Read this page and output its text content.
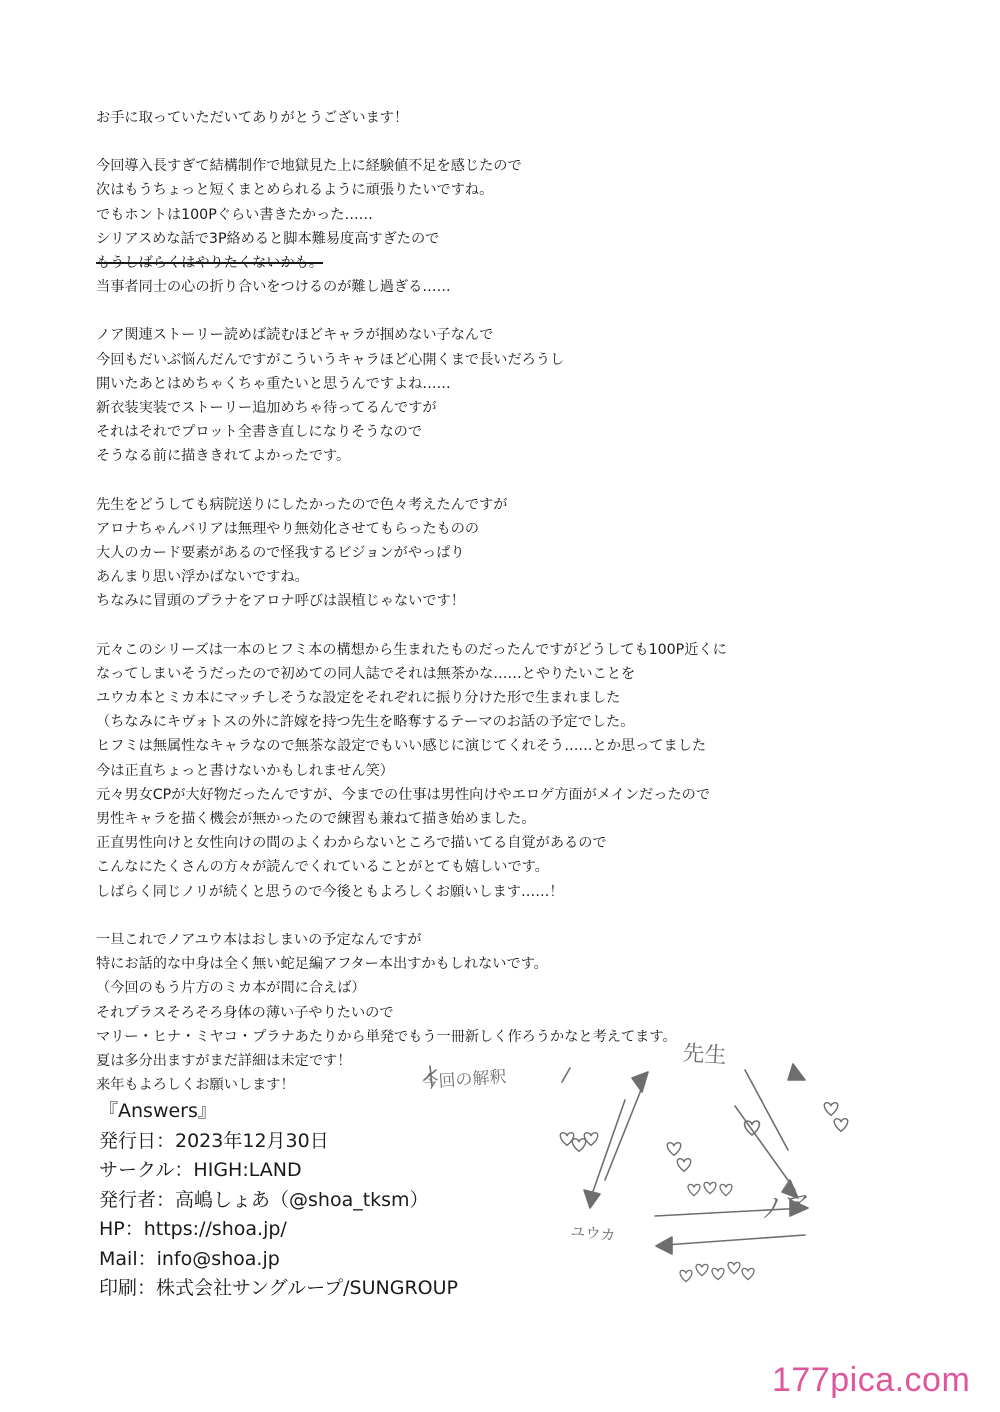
お手に取っていただいてありがとうございます！
今回導入長すぎて結構制作で地獄見た上に経験値不足を感じたので
次はもうちょっと短くまとめられるように頑張りたいですね。
でもホントは100Pぐらい書きたかった……
シリアスめな話で3P絡めると脚本難易度高すぎたので
もうしばらくはやりたくないかも。
当事者同士の心の折り合いをつけるのが難し過ぎる……
ノア関連ストーリー読めば読むほどキャラが掴めない子なんで
今回もだいぶ悩んだんですがこういうキャラほど心開くまで長いだろうし
開いたあとはめちゃくちゃ重たいと思うんですよね……
新衣装実装でストーリー追加めちゃ待ってるんですが
それはそれでプロット全書き直しになりそうなので
そうなる前に描ききれてよかったです。
先生をどうしても病院送りにしたかったので色々考えたんですが
アロナちゃんバリアは無理やり無効化させてもらったものの
大人のカード要素があるので怪我するビジョンがやっぱり
あんまり思い浮かばないですね。
ちなみに冒頭のプラナをアロナ呼びは誤植じゃないです！
元々このシリーズは一本のヒフミ本の構想から生まれたものだったんですがどうしても100P近くに
なってしまいそうだったので初めての同人誌でそれは無茶かな……とやりたいことを
ユウカ本とミカ本にマッチしそうな設定をそれぞれに振り分けた形で生まれました
（ちなみにキヴォトスの外に許嫁を持つ先生を略奪するテーマのお話の予定でした。
ヒフミは無属性なキャラなので無茶な設定でもいい感じに演じてくれそう……とか思ってました
今は正直ちょっと書けないかもしれません笑）
元々男女CPが大好物だったんですが、今までの仕事は男性向けやエロゲ方面がメインだったので
男性キャラを描く機会が無かったので練習も兼ねて描き始めました。
正直男性向けと女性向けの間のよくわからないところで描いてる自覚があるので
こんなにたくさんの方々が読んでくれていることがとても嬉しいです。
しばらく同じノリが続くと思うので今後ともよろしくお願いします……！
一旦これでノアユウ本はおしまいの予定なんですが
特にお話的な中身は全く無い蛇足編アフター本出すかもしれないです。
（今回のもう片方のミカ本が間に合えば）
それプラスそろそろ身体の薄い子やりたいので
マリー・ヒナ・ミヤコ・プラナあたりから単発でもう一冊新しく作ろうかなと考えてます。
夏は多分出ますがまだ詳細は未定です！
来年もよろしくお願いします！
『Answers』
発行日：2023年12月30日
サークル：HIGH:LAND
発行者：高嶋しょあ（@shoa_tksm）
HP：https://shoa.jp/
Mail：info@shoa.jp
印刷：株式会社サングループ/SUNGROUP
今回の解釈
先生
ユウカ
ノア
177pica.com
